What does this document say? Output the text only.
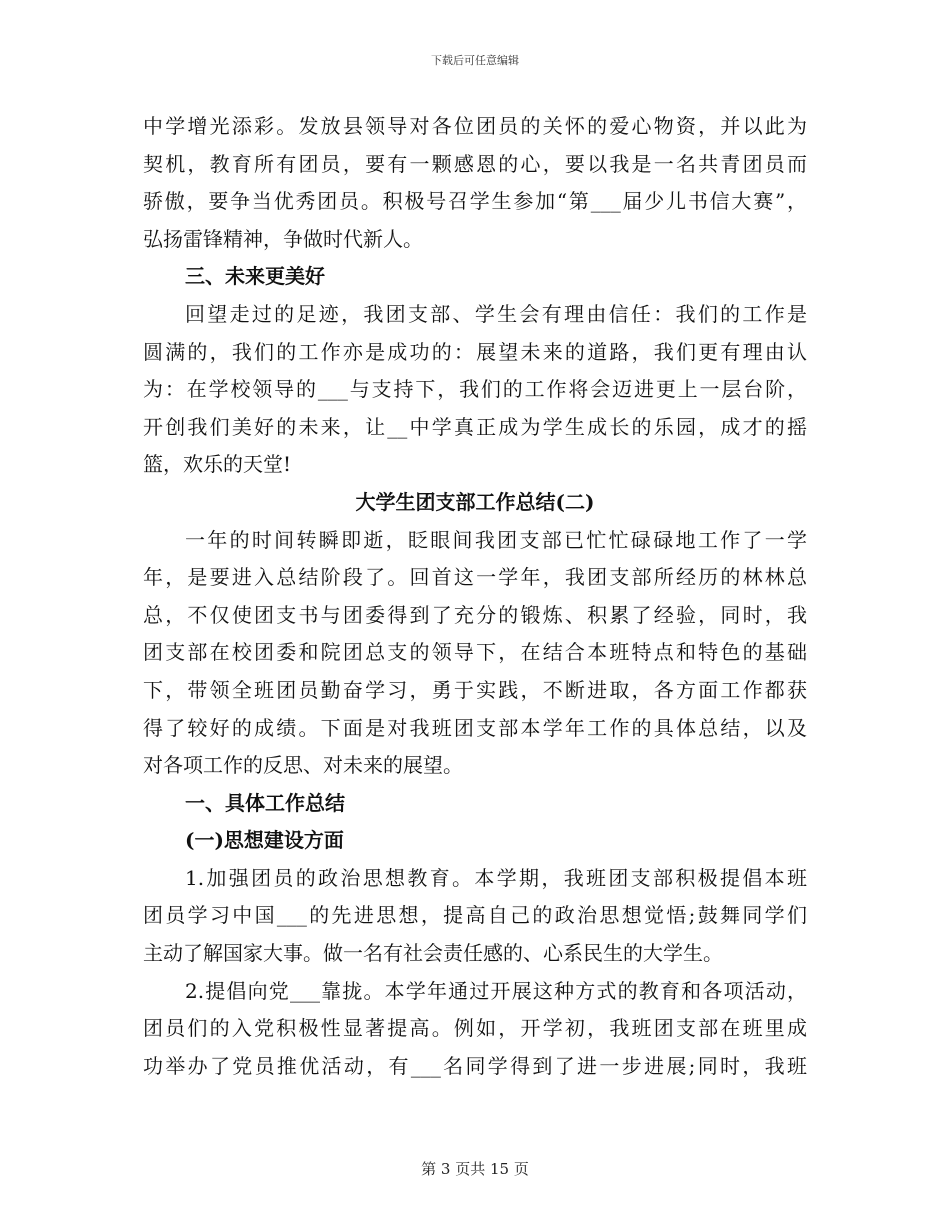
下载后可任意编辑
中学增光添彩。发放县领导对各位团员的关怀的爱心物资，并以此为
契机，教育所有团员，要有一颗感恩的心，要以我是一名共青团员而
骄傲，要争当优秀团员。积极号召学生参加“第___届少儿书信大赛”，
弘扬雷锋精神，争做时代新人。
三、未来更美好
回望走过的足迹，我团支部、学生会有理由信任：我们的工作是
圆满的，我们的工作亦是成功的：展望未来的道路，我们更有理由认
为：在学校领导的___与支持下，我们的工作将会迈进更上一层台阶，
开创我们美好的未来，让__中学真正成为学生成长的乐园，成才的摇
篮，欢乐的天堂!
大学生团支部工作总结(二)
一年的时间转瞬即逝，眨眼间我团支部已忙忙碌碌地工作了一学
年，是要进入总结阶段了。回首这一学年，我团支部所经历的林林总
总，不仅使团支书与团委得到了充分的锻炼、积累了经验，同时，我
团支部在校团委和院团总支的领导下，在结合本班特点和特色的基础
下，带领全班团员勤奋学习，勇于实践，不断进取，各方面工作都获
得了较好的成绩。下面是对我班团支部本学年工作的具体总结，以及
对各项工作的反思、对未来的展望。
一、具体工作总结
(一)思想建设方面
1.加强团员的政治思想教育。本学期，我班团支部积极提倡本班
团员学习中国___的先进思想，提高自己的政治思想觉悟;鼓舞同学们
主动了解国家大事。做一名有社会责任感的、心系民生的大学生。
2.提倡向党___靠拢。本学年通过开展这种方式的教育和各项活动，
团员们的入党积极性显著提高。例如，开学初，我班团支部在班里成
功举办了党员推优活动，有___名同学得到了进一步进展;同时，我班
第 3 页共 15 页
